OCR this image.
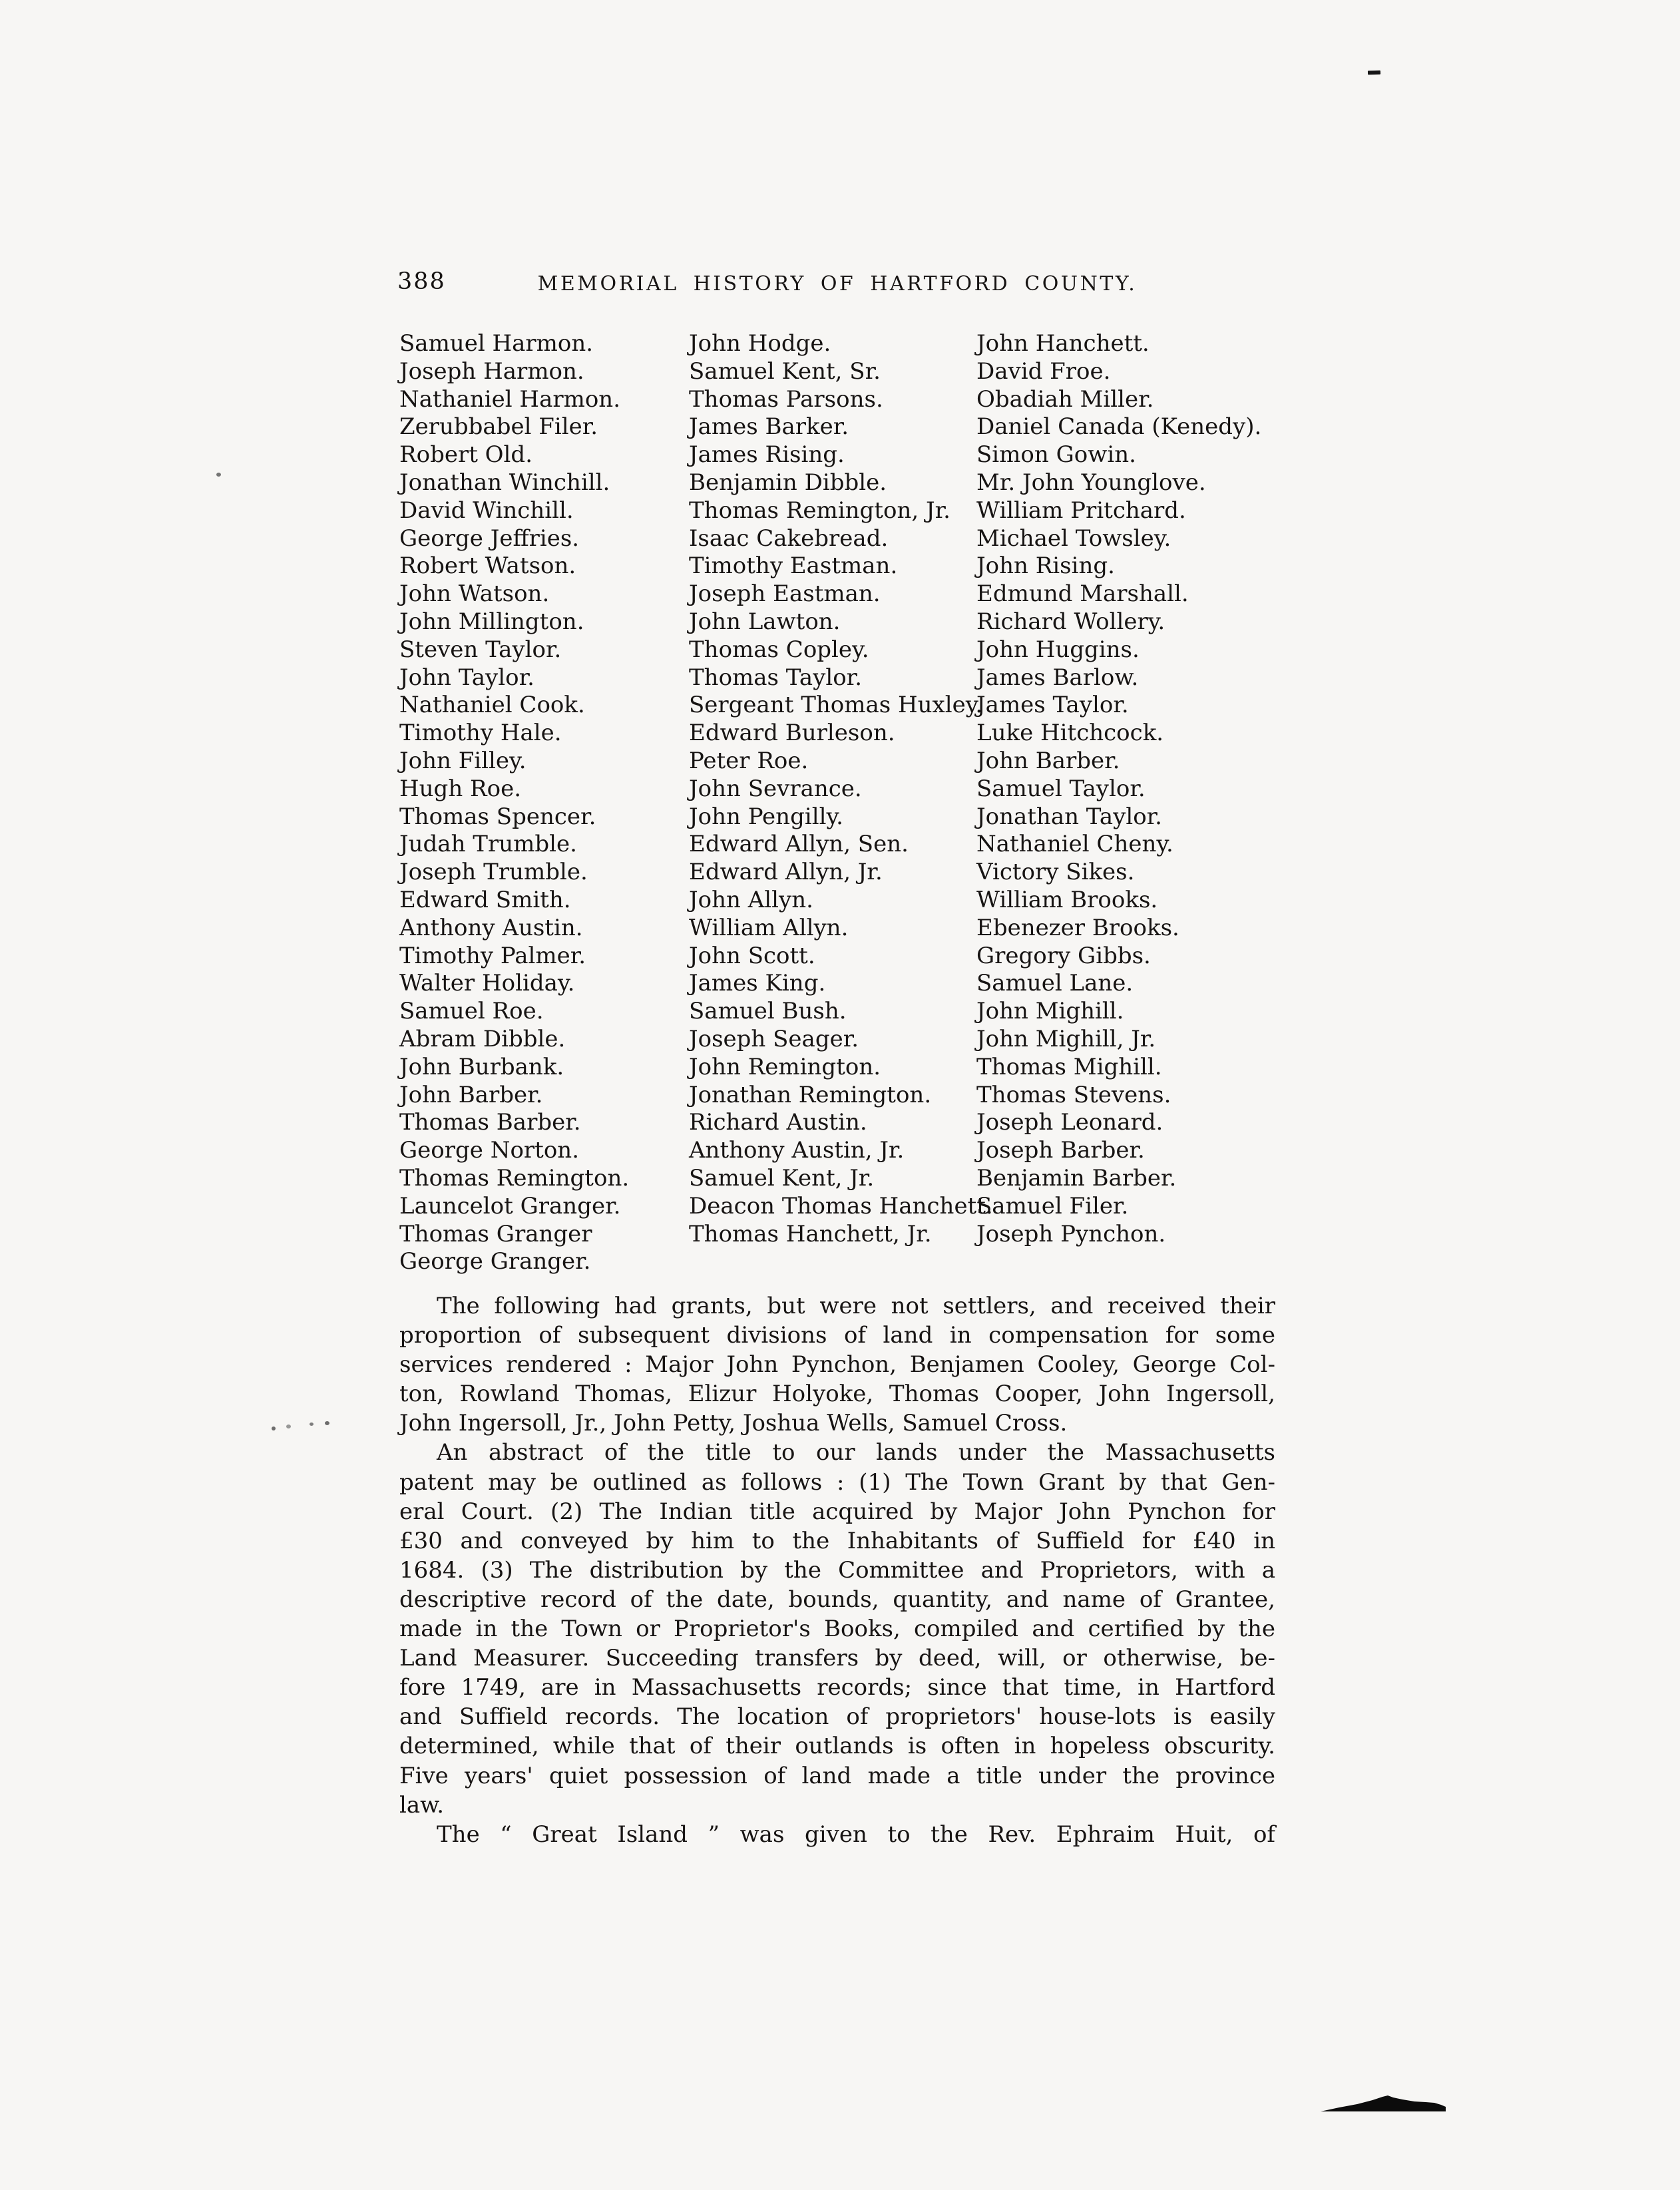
388	MEMORIAL HISTORY OF HARTFORD COUNTY.
Samuel Harmon.
Joseph Harmon.
Nathaniel Harmon.
Zerubbabel Filer.
Robert Old.
Jonathan Winchill.
David Winchill.
George Jeffries.
Robert Watson.
John Watson.
John Millington.
Steven Taylor.
John Taylor.
Nathaniel Cook.
Timothy Hale.
John Filley.
Hugh Roe.
Thomas Spencer.
Judah Trumble.
Joseph Trumble.
Edward Smith.
Anthony Austin.
Timothy Palmer.
Walter Holiday.
Samuel Roe.
Abram Dibble.
John Burbank.
John Barber.
Thomas Barber.
George Norton.
Thomas Remington.
Launcelot Granger.
Thomas Granger
George Granger.
John Hodge.
Samuel Kent, Sr.
Thomas Parsons.
James Barker.
James Rising.
Benjamin Dibble.
Thomas Remington, Jr.
Isaac Cakebread.
Timothy Eastman.
Joseph Eastman.
John Lawton.
Thomas Copley.
Thomas Taylor.
Sergeant Thomas Huxley.
Edward Burleson.
Peter Roe.
John Sevrance.
John Pengilly.
Edward Allyn, Sen.
Edward Allyn, Jr.
John Allyn.
William Allyn.
John Scott.
James King.
Samuel Bush.
Joseph Seager.
John Remington.
Jonathan Remington.
Richard Austin.
Anthony Austin, Jr.
Samuel Kent, Jr.
Deacon Thomas Hanchett.
Thomas Hanchett, Jr.
John Hanchett.
David Froe.
Obadiah Miller.
Daniel Canada (Kenedy).
Simon Gowin.
Mr. John Younglove.
William Pritchard.
Michael Towsley.
John Rising.
Edmund Marshall.
Richard Wollery.
John Huggins.
James Barlow.
James Taylor.
Luke Hitchcock.
John Barber.
Samuel Taylor.
Jonathan Taylor.
Nathaniel Cheny.
Victory Sikes.
William Brooks.
Ebenezer Brooks.
Gregory Gibbs.
Samuel Lane.
John Mighill.
John Mighill, Jr.
Thomas Mighill.
Thomas Stevens.
Joseph Leonard.
Joseph Barber.
Benjamin Barber.
Samuel Filer.
Joseph Pynchon.
The following had grants, but were not settlers, and received their
proportion of subsequent divisions of land in compensation for some
services rendered : Major John Pynchon, Benjamen Cooley, George Col-
ton, Rowland Thomas, Elizur Holyoke, Thomas Cooper, John Ingersoll,
John Ingersoll, Jr., John Petty, Joshua Wells, Samuel Cross.
An abstract of the title to our lands under the Massachusetts
patent may be outlined as follows : (1) The Town Grant by that Gen-
eral Court. (2) The Indian title acquired by Major John Pynchon for
£30 and conveyed by him to the Inhabitants of Suffield for £40 in
1684. (3) The distribution by the Committee and Proprietors, with a
descriptive record of the date, bounds, quantity, and name of Grantee,
made in the Town or Proprietor's Books, compiled and certified by the
Land Measurer. Succeeding transfers by deed, will, or otherwise, be-
fore 1749, are in Massachusetts records; since that time, in Hartford
and Suffield records. The location of proprietors' house-lots is easily
determined, while that of their outlands is often in hopeless obscurity.
Five years' quiet possession of land made a title under the province
law.
The “ Great Island ” was given to the Rev. Ephraim Huit, of
